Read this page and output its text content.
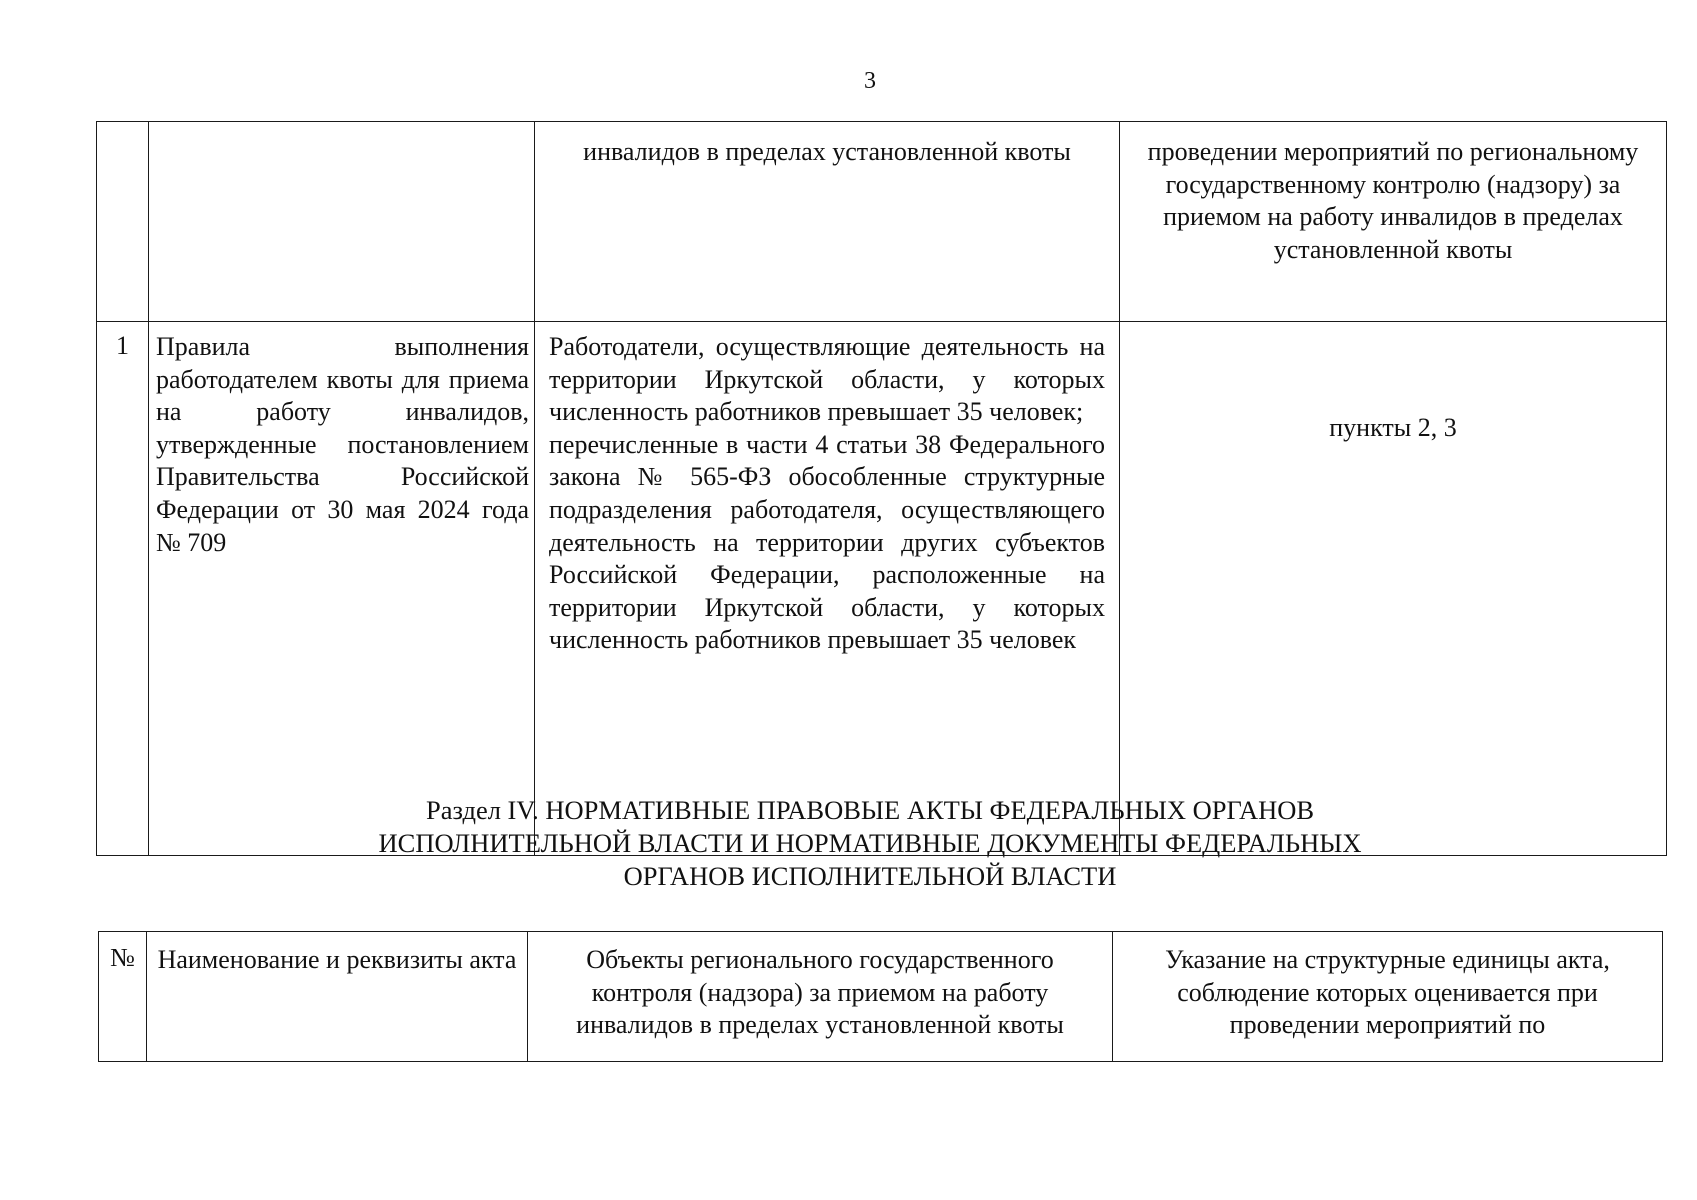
3
		инвалидов в пределах установленной квоты	проведении мероприятий по региональному государственному контролю (надзору) за приемом на работу инвалидов в пределах установленной квоты
1	Правила выполнения работодателем квоты для приема на работу инвалидов, утвержденные постановлением Правительства Российской Федерации от 30 мая 2024 года № 709	Работодатели, осуществляющие деятельность на территории Иркутской области, у которых численность работников превышает 35 человек;
перечисленные в части 4 статьи 38 Федерального закона № 565-ФЗ обособленные структурные подразделения работодателя, осуществляющего деятельность на территории других субъектов Российской Федерации, расположенные на территории Иркутской области, у которых численность работников превышает 35 человек	пункты 2, 3
Раздел IV. НОРМАТИВНЫЕ ПРАВОВЫЕ АКТЫ ФЕДЕРАЛЬНЫХ ОРГАНОВ
ИСПОЛНИТЕЛЬНОЙ ВЛАСТИ И НОРМАТИВНЫЕ ДОКУМЕНТЫ ФЕДЕРАЛЬНЫХ
ОРГАНОВ ИСПОЛНИТЕЛЬНОЙ ВЛАСТИ
№	Наименование и реквизиты акта	Объекты регионального государственного контроля (надзора) за приемом на работу инвалидов в пределах установленной квоты	Указание на структурные единицы акта, соблюдение которых оценивается при проведении мероприятий по
